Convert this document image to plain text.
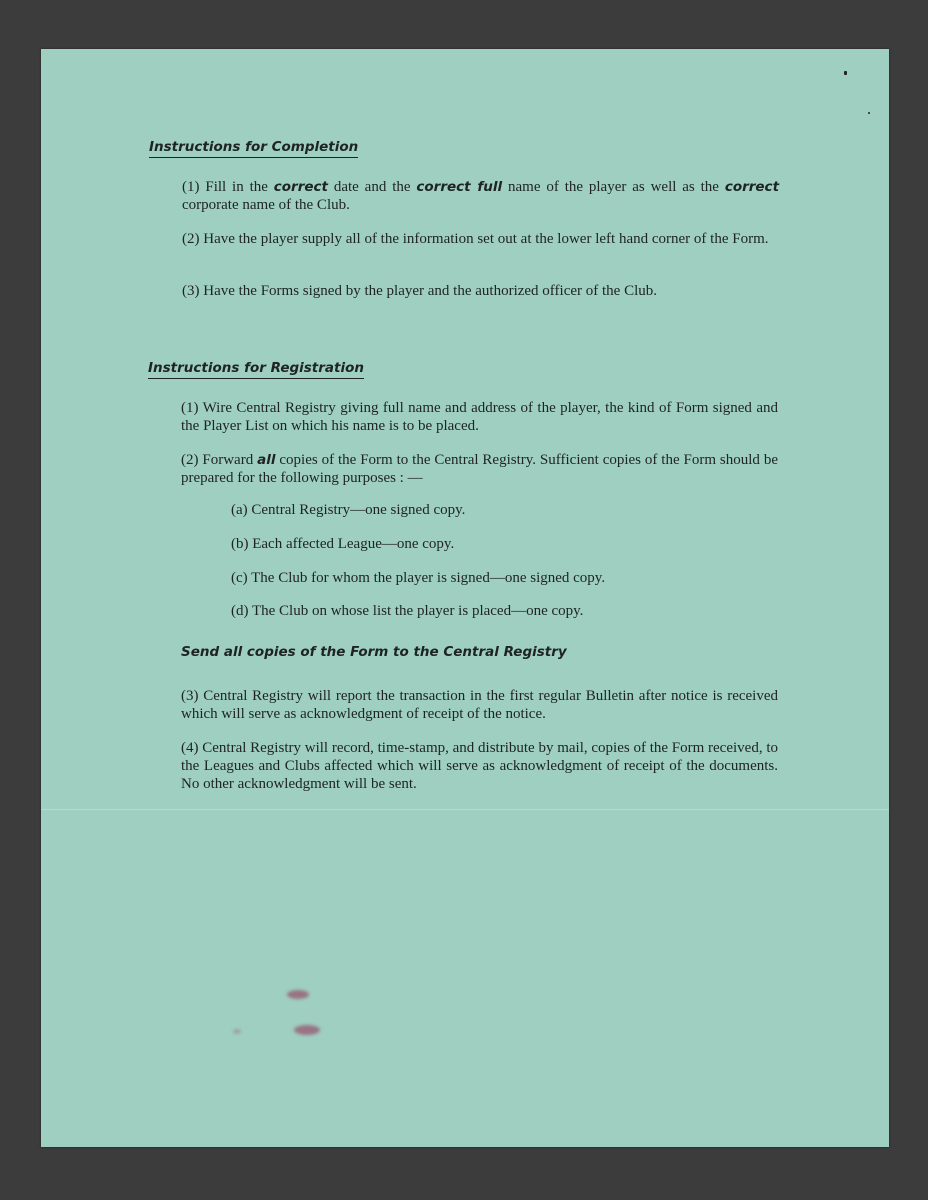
Instructions for Completion

(1) Fill in the correct date and the correct full name of the player as well as the correct corporate name of the Club.

(2) Have the player supply all of the information set out at the lower left hand corner of the Form.

(3) Have the Forms signed by the player and the authorized officer of the Club.

Instructions for Registration

(1) Wire Central Registry giving full name and address of the player, the kind of Form signed and the Player List on which his name is to be placed.

(2) Forward all copies of the Form to the Central Registry. Sufficient copies of the Form should be prepared for the following purposes : —

(a) Central Registry—one signed copy.

(b) Each affected League—one copy.

(c) The Club for whom the player is signed—one signed copy.

(d) The Club on whose list the player is placed—one copy.

Send all copies of the Form to the Central Registry

(3) Central Registry will report the transaction in the first regular Bulletin after notice is received which will serve as acknowledgment of receipt of the notice.

(4) Central Registry will record, time-stamp, and distribute by mail, copies of the Form received, to the Leagues and Clubs affected which will serve as acknowledgment of receipt of the documents. No other acknowledgment will be sent.
